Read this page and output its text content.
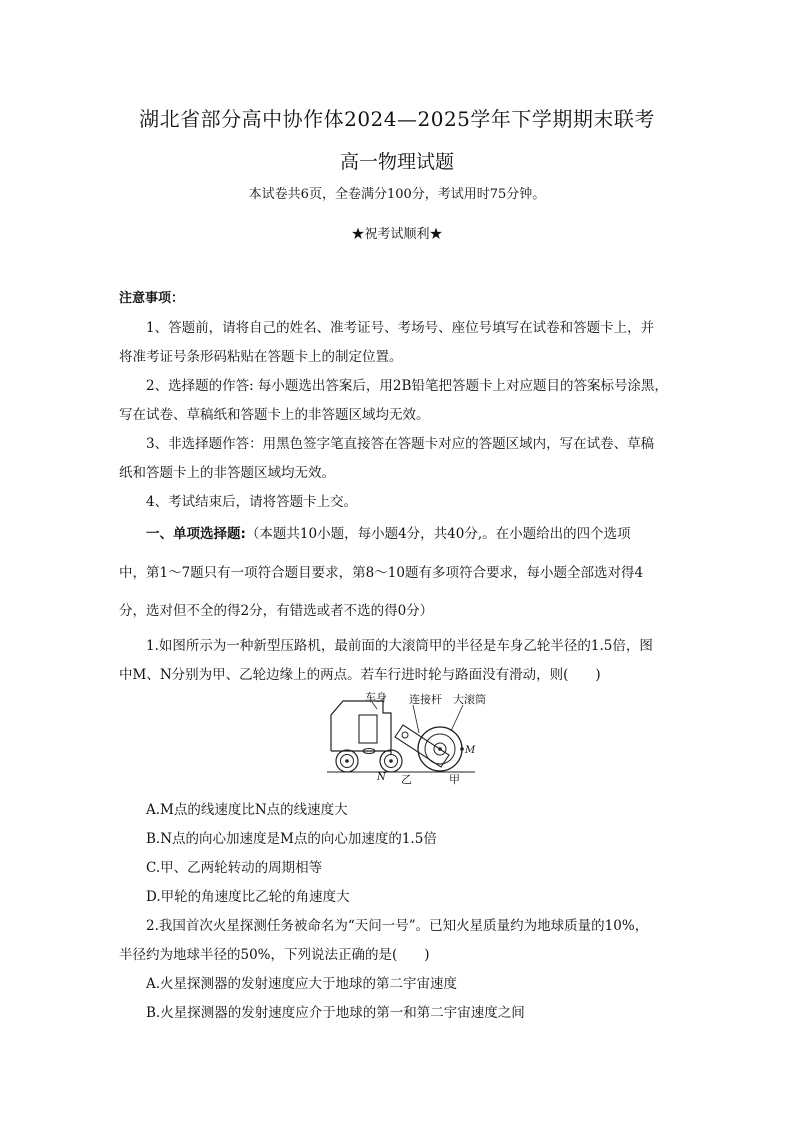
湖北省部分高中协作体2024—2025学年下学期期末联考
高一物理试题
本试卷共6页，全卷满分100分，考试用时75分钟。
★祝考试顺利★
注意事项：
1、答题前，请将自己的姓名、准考证号、考场号、座位号填写在试卷和答题卡上，并
将准考证号条形码粘贴在答题卡上的制定位置。
2、选择题的作答: 每小题选出答案后，用2B铅笔把答题卡上对应题目的答案标号涂黑，
写在试卷、草稿纸和答题卡上的非答题区域均无效。
3、非选择题作答：用黑色签字笔直接答在答题卡对应的答题区域内，写在试卷、草稿
纸和答题卡上的非答题区域均无效。
4、考试结束后，请将答题卡上交。
一、单项选择题:（本题共10小题，每小题4分，共40分,。在小题给出的四个选项
中，第1～7题只有一项符合题目要求，第8～10题有多项符合要求，每小题全部选对得4
分，选对但不全的得2分，有错选或者不选的得0分）
1.如图所示为一种新型压路机，最前面的大滚筒甲的半径是车身乙轮半径的1.5倍，图
中M、N分别为甲、乙轮边缘上的两点。若车行进时轮与路面没有滑动，则(　　)
车身 连接杆 大滚筒
M
N 乙	甲
A.M点的线速度比N点的线速度大
B.N点的向心加速度是M点的向心加速度的1.5倍
C.甲、乙两轮转动的周期相等
D.甲轮的角速度比乙轮的角速度大
2.我国首次火星探测任务被命名为“天问一号”。已知火星质量约为地球质量的10%，
半径约为地球半径的50%，下列说法正确的是(　　)
A.火星探测器的发射速度应大于地球的第二宇宙速度
B.火星探测器的发射速度应介于地球的第一和第二宇宙速度之间
